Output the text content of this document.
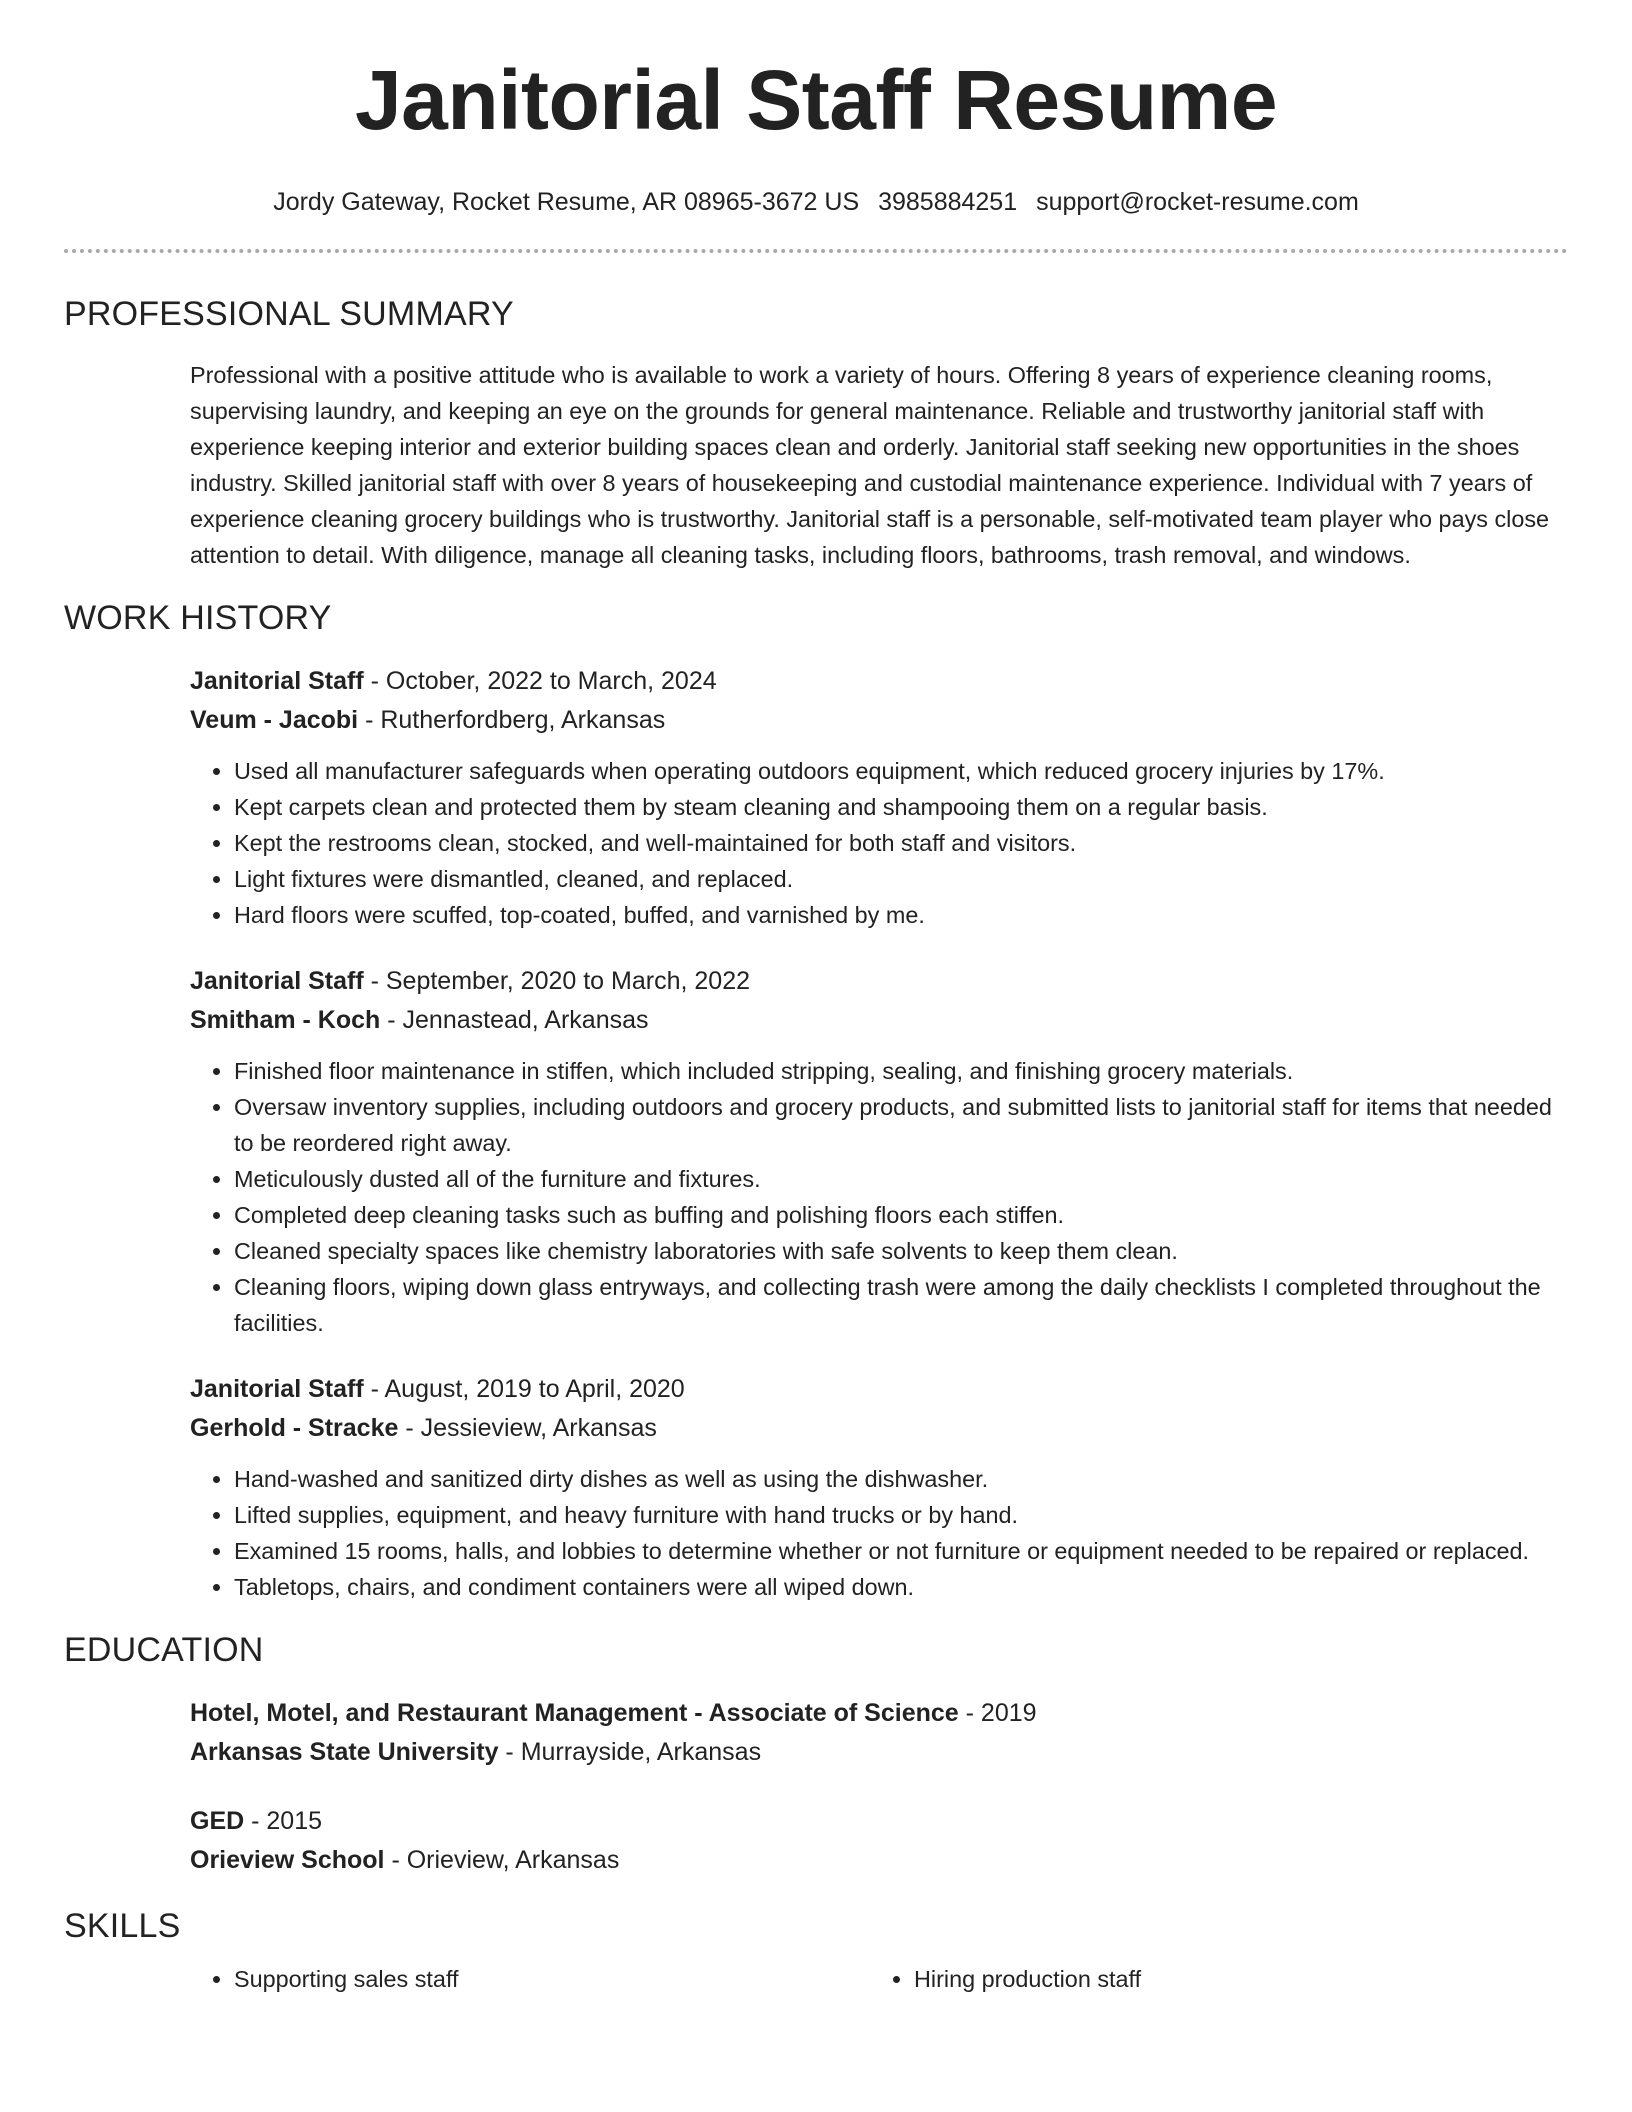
Janitorial Staff Resume
Jordy Gateway, Rocket Resume, AR 08965-3672 US 3985884251 support@rocket-resume.com
PROFESSIONAL SUMMARY
Professional with a positive attitude who is available to work a variety of hours. Offering 8 years of experience cleaning rooms, supervising laundry, and keeping an eye on the grounds for general maintenance. Reliable and trustworthy janitorial staff with experience keeping interior and exterior building spaces clean and orderly. Janitorial staff seeking new opportunities in the shoes industry. Skilled janitorial staff with over 8 years of housekeeping and custodial maintenance experience. Individual with 7 years of experience cleaning grocery buildings who is trustworthy. Janitorial staff is a personable, self-motivated team player who pays close attention to detail. With diligence, manage all cleaning tasks, including floors, bathrooms, trash removal, and windows.
WORK HISTORY
Janitorial Staff - October, 2022 to March, 2024
Veum - Jacobi - Rutherfordberg, Arkansas
• Used all manufacturer safeguards when operating outdoors equipment, which reduced grocery injuries by 17%.
• Kept carpets clean and protected them by steam cleaning and shampooing them on a regular basis.
• Kept the restrooms clean, stocked, and well-maintained for both staff and visitors.
• Light fixtures were dismantled, cleaned, and replaced.
• Hard floors were scuffed, top-coated, buffed, and varnished by me.
Janitorial Staff - September, 2020 to March, 2022
Smitham - Koch - Jennastead, Arkansas
• Finished floor maintenance in stiffen, which included stripping, sealing, and finishing grocery materials.
• Oversaw inventory supplies, including outdoors and grocery products, and submitted lists to janitorial staff for items that needed to be reordered right away.
• Meticulously dusted all of the furniture and fixtures.
• Completed deep cleaning tasks such as buffing and polishing floors each stiffen.
• Cleaned specialty spaces like chemistry laboratories with safe solvents to keep them clean.
• Cleaning floors, wiping down glass entryways, and collecting trash were among the daily checklists I completed throughout the facilities.
Janitorial Staff - August, 2019 to April, 2020
Gerhold - Stracke - Jessieview, Arkansas
• Hand-washed and sanitized dirty dishes as well as using the dishwasher.
• Lifted supplies, equipment, and heavy furniture with hand trucks or by hand.
• Examined 15 rooms, halls, and lobbies to determine whether or not furniture or equipment needed to be repaired or replaced.
• Tabletops, chairs, and condiment containers were all wiped down.
EDUCATION
Hotel, Motel, and Restaurant Management - Associate of Science - 2019
Arkansas State University - Murrayside, Arkansas
GED - 2015
Orieview School - Orieview, Arkansas
SKILLS
• Supporting sales staff
•	Hiring production staff
